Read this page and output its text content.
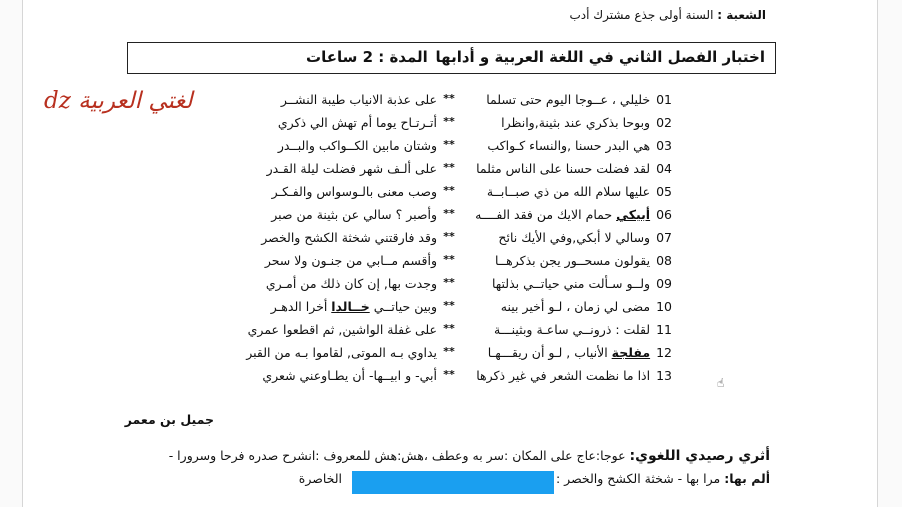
الشعبة : السنة أولى جذع مشترك أدب
اختبار الفصل الثاني في اللغة العربية و أدابها
المدة : 2 ساعات
لغتي العربية dz	01خليلي ، عــوجا اليوم حتى تسلما
**
على عذبة الانياب طيبة النشــر
02وبوحا بذكري عند بثينة,وانظرا
**
أتـرتـاح يوما أم تهش الي ذكري
03هي البدر حسنا ,والنساء كـواكب
**
وشتان مابين الكــواكب والبــدر
04لقد فضلت حسنا على الناس مثلما
**
على ألـف شهر فضلت ليلة القـدر
05عليها سلام الله من ذي صبــابــة
**
وصب معنى بالـوسواس والفـكـر
06أبيكي حمام الايك من فقد الفــــه
**
وأصبر ؟ سالي عن بثينة من صبر
07وسالي لا أبكي,وفي الأيك نائح
**
وقد فارقتني شخثة الكشح والخصر
08يقولون مسحــور يجن بذكرهــا
**
وأقسم مــابي من جنـون ولا سحر
09ولــو سـألت مني حياتــي بذلتها
**
وجدت بها, إن كان ذلك من أمـري
10مضى لي زمان ، لـو أخير بينه
**
وبين حياتــي خــالدا أخرا الدهـر
11لقلت : ذرونــي ساعـة وبثينـــة
**
على غفلة الواشين, ثم اقطعوا عمري
12مفلجة الأنياب , لـو أن ريقـــهـا
**
يداوي بـه الموتى, لقاموا بـه من القبر
13اذا ما نظمت الشعر في غير ذكرها
**
أبي- و ابيــها- أن يطـاوعني شعري	☝
جميل بن معمر
أثري رصيدي اللغوي: عوجا:عاج على المكان :سر به وعطف ،هش:هش للمعروف :انشرح صدره فرحا وسرورا -
ألم بها: مرا بها - شخثة الكشح والخصر :
الخاصرة
